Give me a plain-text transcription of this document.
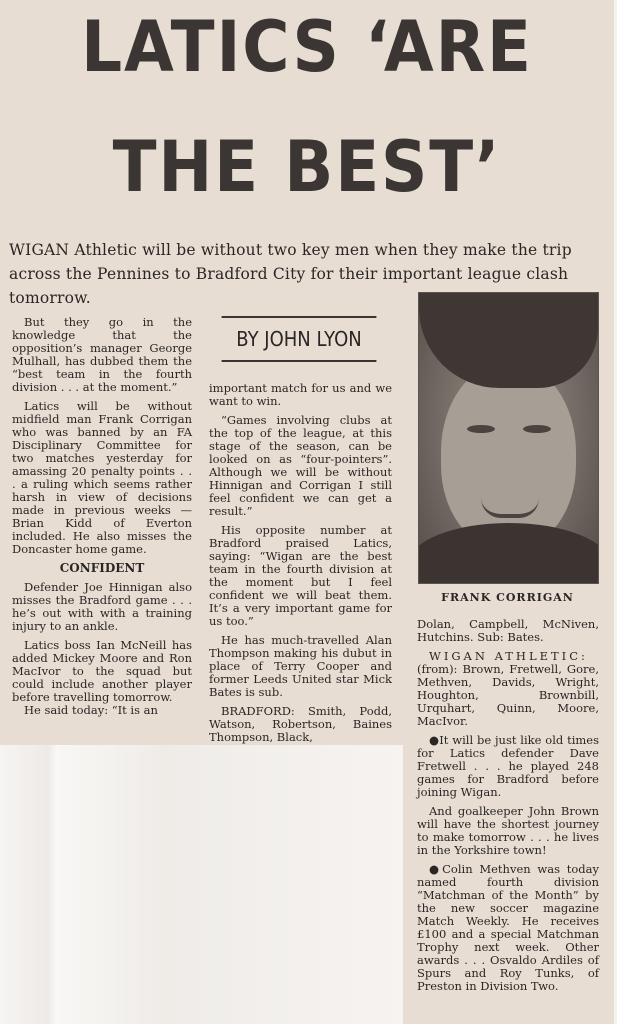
LATICS ‘ARE
THE BEST’
WIGAN Athletic will be without two key men when they make the trip across the Pennines to Bradford City for their important league clash tomorrow.

But they go in the knowledge that the opposition’s manager George Mulhall, has dubbed them the “best team in the fourth division . . . at the moment.”

Latics will be without midfield man Frank Corrigan who was banned by an FA Disciplinary Committee for two matches yesterday for amassing 20 penalty points . . . a ruling which seems rather harsh in view of decisions made in previous weeks — Brian Kidd of Everton included. He also misses the Doncaster home game.

CONFIDENT

Defender Joe Hinnigan also misses the Bradford game . . . he’s out with with a training injury to an ankle.

Latics boss Ian McNeill has added Mickey Moore and Ron MacIvor to the squad but could include another player before travelling tomorrow.

He said today: “It is an

BY JOHN LYON

important match for us and we want to win.

“Games involving clubs at the top of the league, at this stage of the season, can be looked on as “four-pointers”. Although we will be without Hinnigan and Corrigan I still feel confident we can get a result.”

His opposite number at Bradford praised Latics, saying: “Wigan are the best team in the fourth division at the moment but I feel confident we will beat them. It’s a very important game for us too.”

He has much-travelled Alan Thompson making his dubut in place of Terry Cooper and former Leeds United star Mick Bates is sub.

BRADFORD: Smith, Podd, Watson, Robertson, Baines Thompson, Black,

FRANK CORRIGAN

Dolan, Campbell, McNiven, Hutchins. Sub: Bates.

WIGAN ATHLETIC:

(from): Brown, Fretwell, Gore, Methven, Davids, Wright, Houghton, Brownbill, Urquhart, Quinn, Moore, MacIvor.

● It will be just like old times for Latics defender Dave Fretwell . . . he played 248 games for Bradford before joining Wigan.

And goalkeeper John Brown will have the shortest journey to make tomorrow . . . he lives in the Yorkshire town!

● Colin Methven was today named fourth division “Matchman of the Month” by the new soccer magazine Match Weekly. He receives £100 and a special Matchman Trophy next week. Other awards . . . Osvaldo Ardiles of Spurs and Roy Tunks, of Preston in Division Two.
